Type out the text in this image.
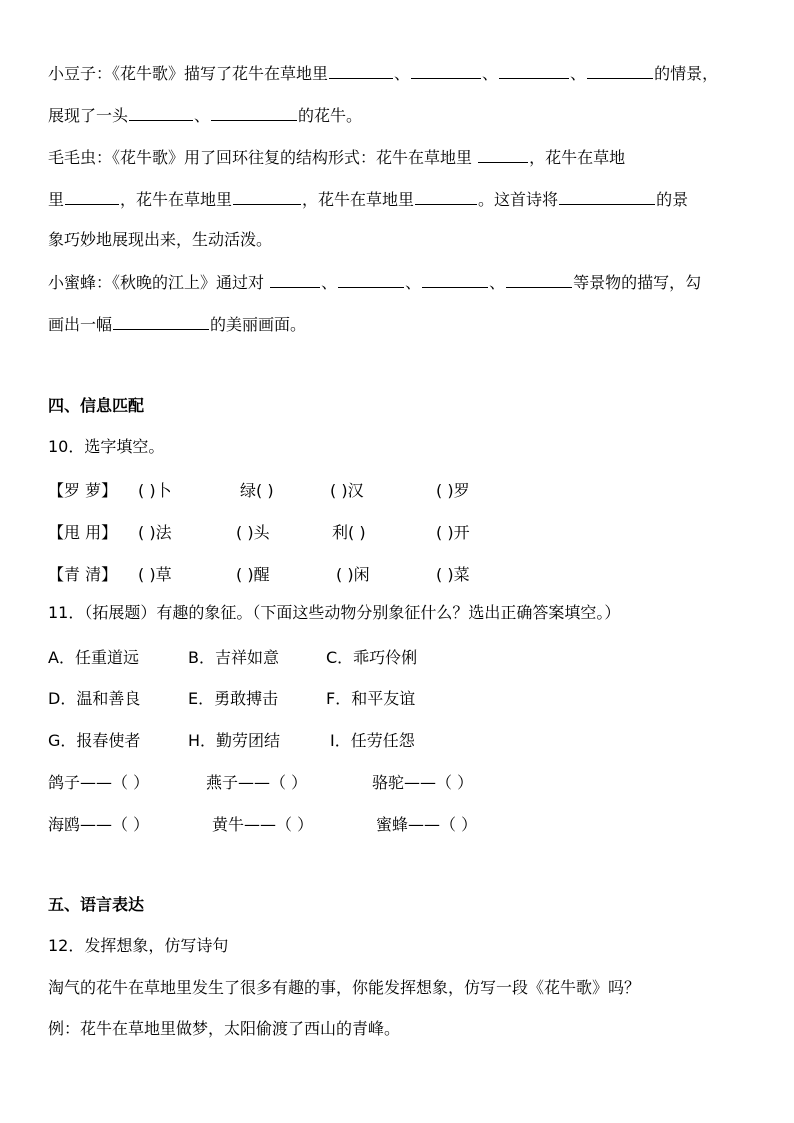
小豆子：《花牛歌》描写了花牛在草地里	、	、	、	的情景，
展现了一头	、	的花牛。
毛毛虫：《花牛歌》用了回环往复的结构形式：花牛在草地里	，花牛在草地
里	，花牛在草地里	，花牛在草地里	。这首诗将	的景
象巧妙地展现出来，生动活泼。
小蜜蜂：《秋晚的江上》通过对	、	、	、	等景物的描写，勾
画出一幅	的美丽画面。
四、信息匹配
10．选字填空。
【罗 萝】 ( )卜	绿( )	( )汉	( )罗
【甩 用】 ( )法	( )头	利( )	( )开
【青 清】 ( )草	( )醒	( )闲	( )菜
11．（拓展题）有趣的象征。（下面这些动物分别象征什么？选出正确答案填空。）
A．任重道远	B．吉祥如意	C．乖巧伶俐
D．温和善良	E．勇敢搏击	F．和平友谊
G．报春使者	H．勤劳团结	I．任劳任怨
鸽子——（ ）	燕子——（ ）	骆驼——（ ）
海鸥——（ ）	黄牛——（ ）	蜜蜂——（ ）
五、语言表达
12．发挥想象，仿写诗句
淘气的花牛在草地里发生了很多有趣的事，你能发挥想象，仿写一段《花牛歌》吗？
例：花牛在草地里做梦，太阳偷渡了西山的青峰。
